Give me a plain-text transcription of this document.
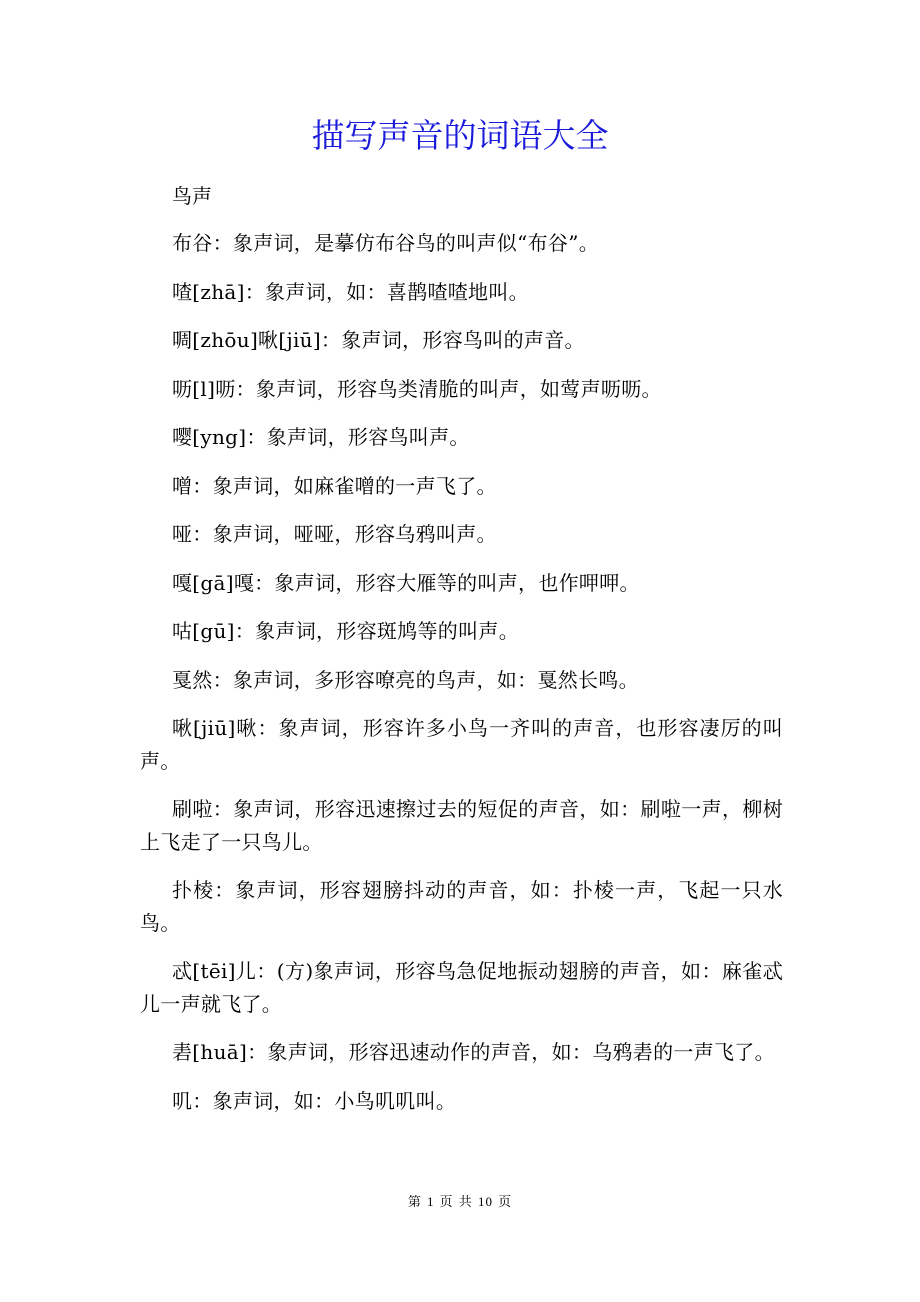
描写声音的词语大全

鸟声

布谷：象声词，是摹仿布谷鸟的叫声似“布谷”。

喳[zhā]：象声词，如：喜鹊喳喳地叫。

啁[zhōu]啾[jiū]：象声词，形容鸟叫的声音。

呖[l]呖：象声词，形容鸟类清脆的叫声，如莺声呖呖。

嘤[yng]：象声词，形容鸟叫声。

噌：象声词，如麻雀噌的一声飞了。

哑：象声词，哑哑，形容乌鸦叫声。

嘎[gā]嘎：象声词，形容大雁等的叫声，也作呷呷。

咕[gū]：象声词，形容斑鸠等的叫声。

戛然：象声词，多形容嘹亮的鸟声，如：戛然长鸣。

啾[jiū]啾：象声词，形容许多小鸟一齐叫的声音，也形容凄厉的叫声。

刷啦：象声词，形容迅速擦过去的短促的声音，如：刷啦一声，柳树上飞走了一只鸟儿。

扑棱：象声词，形容翅膀抖动的声音，如：扑棱一声，飞起一只水鸟。

忒[tēi]儿：(方)象声词，形容鸟急促地振动翅膀的声音，如：麻雀忒儿一声就飞了。

砉[huā]：象声词，形容迅速动作的声音，如：乌鸦砉的一声飞了。

叽：象声词，如：小鸟叽叽叫。

第 1 页 共 10 页
